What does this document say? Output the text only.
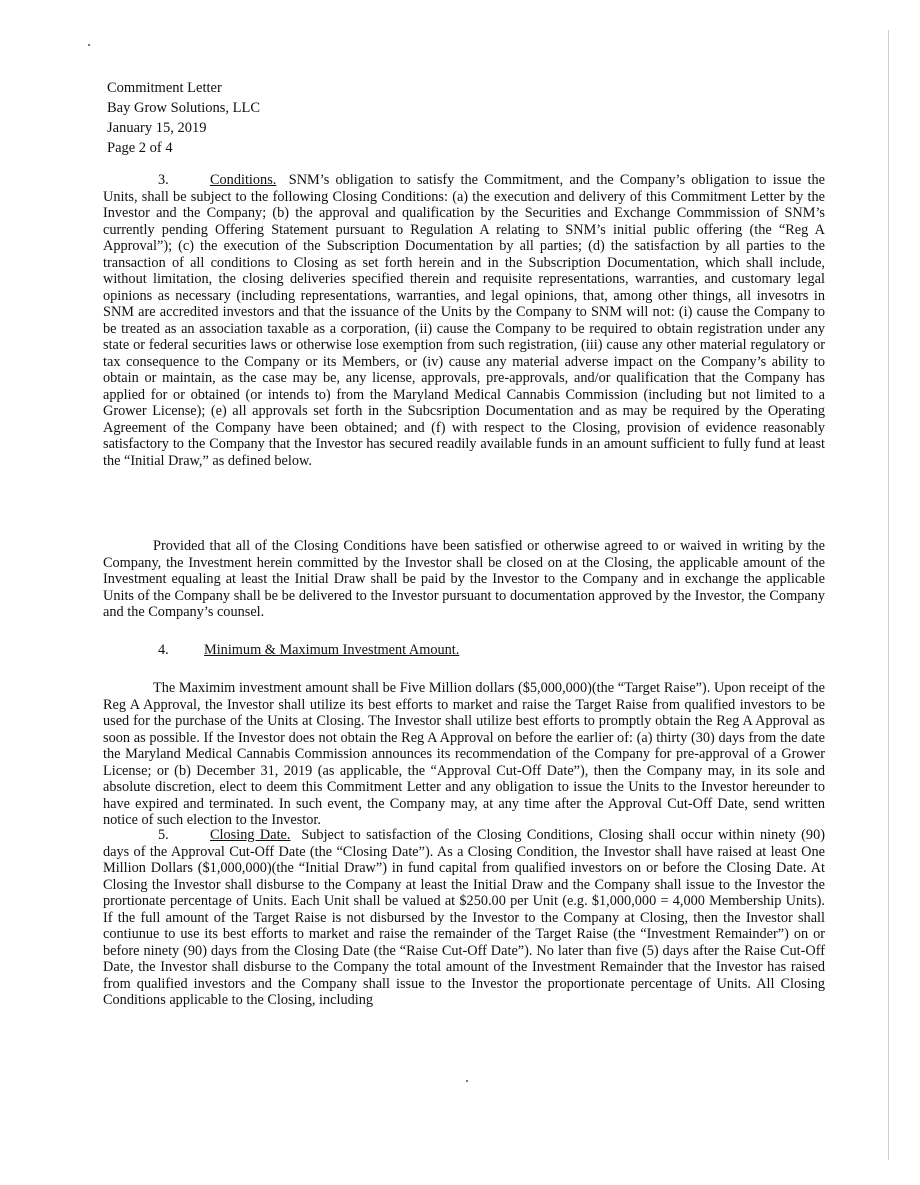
Commitment Letter
Bay Grow Solutions, LLC
January 15, 2019
Page 2 of 4
3.	Conditions. SNM’s obligation to satisfy the Commitment, and the Company’s obligation to issue the Units, shall be subject to the following Closing Conditions: (a) the execution and delivery of this Commitment Letter by the Investor and the Company; (b) the approval and qualification by the Securities and Exchange Commmission of SNM’s currently pending Offering Statement pursuant to Regulation A relating to SNM’s initial public offering (the “Reg A Approval”); (c) the execution of the Subscription Documentation by all parties; (d) the satisfaction by all parties to the transaction of all conditions to Closing as set forth herein and in the Subscription Documentation, which shall include, without limitation, the closing deliveries specified therein and requisite representations, warranties, and customary legal opinions as necessary (including representations, warranties, and legal opinions, that, among other things, all invesotrs in SNM are accredited investors and that the issuance of the Units by the Company to SNM will not: (i) cause the Company to be treated as an association taxable as a corporation, (ii) cause the Company to be required to obtain registration under any state or federal securities laws or otherwise lose exemption from such registration, (iii) cause any other material regulatory or tax consequence to the Company or its Members, or (iv) cause any material adverse impact on the Company’s ability to obtain or maintain, as the case may be, any license, approvals, pre-approvals, and/or qualification that the Company has applied for or obtained (or intends to) from the Maryland Medical Cannabis Commission (including but not limited to a Grower License); (e) all approvals set forth in the Subcsription Documentation and as may be required by the Operating Agreement of the Company have been obtained; and (f) with respect to the Closing, provision of evidence reasonably satisfactory to the Company that the Investor has secured readily available funds in an amount sufficient to fully fund at least the “Initial Draw,” as defined below.
Provided that all of the Closing Conditions have been satisfied or otherwise agreed to or waived in writing by the Company, the Investment herein committed by the Investor shall be closed on at the Closing, the applicable amount of the Investment equaling at least the Initial Draw shall be paid by the Investor to the Company and in exchange the applicable Units of the Company shall be be delivered to the Investor pursuant to documentation approved by the Investor, the Company and the Company’s counsel.
4. Minimum & Maximum Investment Amount.
The Maximim investment amount shall be Five Million dollars ($5,000,000)(the “Target Raise”). Upon receipt of the Reg A Approval, the Investor shall utilize its best efforts to market and raise the Target Raise from qualified investors to be used for the purchase of the Units at Closing. The Investor shall utilize best efforts to promptly obtain the Reg A Approval as soon as possible. If the Investor does not obtain the Reg A Approval on before the earlier of: (a) thirty (30) days from the date the Maryland Medical Cannabis Commission announces its recommendation of the Company for pre-approval of a Grower License; or (b) December 31, 2019 (as applicable, the “Approval Cut-Off Date”), then the Company may, in its sole and absolute discretion, elect to deem this Commitment Letter and any obligation to issue the Units to the Investor hereunder to have expired and terminated. In such event, the Company may, at any time after the Approval Cut-Off Date, send written notice of such election to the Investor.
5.	Closing Date. Subject to satisfaction of the Closing Conditions, Closing shall occur within ninety (90) days of the Approval Cut-Off Date (the “Closing Date”). As a Closing Condition, the Investor shall have raised at least One Million Dollars ($1,000,000)(the “Initial Draw”) in fund capital from qualified investors on or before the Closing Date. At Closing the Investor shall disburse to the Company at least the Initial Draw and the Company shall issue to the Investor the prortionate percentage of Units. Each Unit shall be valued at $250.00 per Unit (e.g. $1,000,000 = 4,000 Membership Units). If the full amount of the Target Raise is not disbursed by the Investor to the Company at Closing, then the Investor shall contiunue to use its best efforts to market and raise the remainder of the Target Raise (the “Investment Remainder”) on or before ninety (90) days from the Closing Date (the “Raise Cut-Off Date”). No later than five (5) days after the Raise Cut-Off Date, the Investor shall disburse to the Company the total amount of the Investment Remainder that the Investor has raised from qualified investors and the Company shall issue to the Investor the proportionate percentage of Units. All Closing Conditions applicable to the Closing, including
